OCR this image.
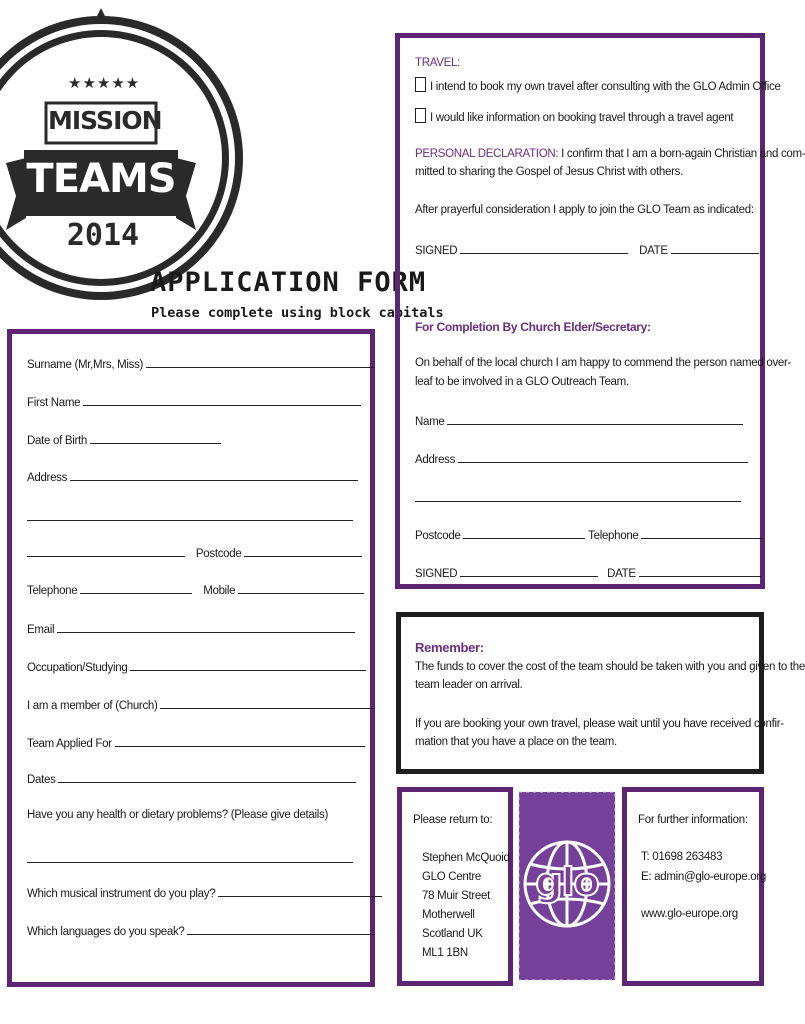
★★★★★
MISSION
TEAMS
2014
APPLICATION FORM
Please complete using block capitals
TRAVEL:
I intend to book my own travel after consulting with the GLO Admin Office
I would like information on booking travel through a travel agent
PERSONAL DECLARATION: I confirm that I am a born-again Christian and com-
mitted to sharing the Gospel of Jesus Christ with others.
After prayerful consideration I apply to join the GLO Team as indicated:
SIGNED	DATE
For Completion By Church Elder/Secretary:
On behalf of the local church I am happy to commend the person named over-
leaf to be involved in a GLO Outreach Team.
Name
Address
Postcode	Telephone
SIGNED	DATE
Surname (Mr,Mrs, Miss)
First Name
Date of Birth
Address
Postcode
Telephone	Mobile
Email
Occupation/Studying
I am a member of (Church)
Team Applied For
Dates
Have you any health or dietary problems? (Please give details)
Which musical instrument do you play?
Which languages do you speak?
Remember:
The funds to cover the cost of the team should be taken with you and given to the
team leader on arrival.
If you are booking your own travel, please wait until you have received confir-
mation that you have a place on the team.
Please return to:
Stephen McQuoid
GLO Centre
78 Muir Street
Motherwell
Scotland UK
ML1 1BN
glo
For further information:
T: 01698 263483
E: admin@glo-europe.org
www.glo-europe.org
